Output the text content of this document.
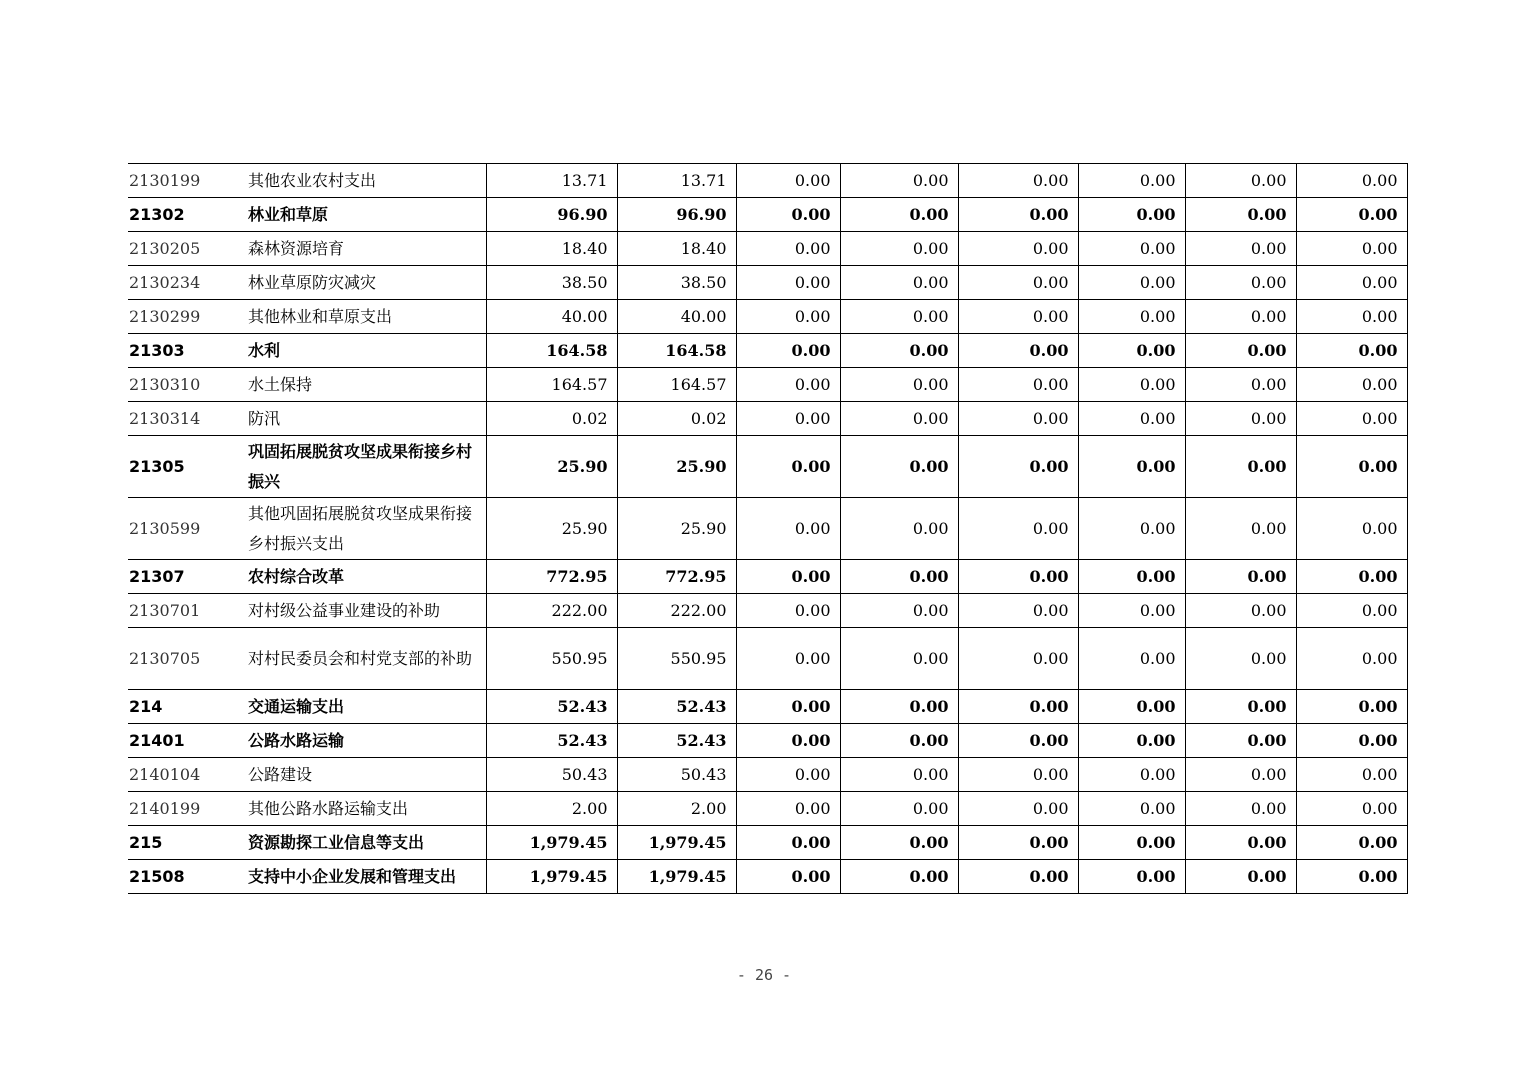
2130199	其他农业农村支出	13.71	13.71	0.00	0.00	0.00	0.00	0.00	0.00
21302	林业和草原	96.90	96.90	0.00	0.00	0.00	0.00	0.00	0.00
2130205	森林资源培育	18.40	18.40	0.00	0.00	0.00	0.00	0.00	0.00
2130234	林业草原防灾减灾	38.50	38.50	0.00	0.00	0.00	0.00	0.00	0.00
2130299	其他林业和草原支出	40.00	40.00	0.00	0.00	0.00	0.00	0.00	0.00
21303	水利	164.58	164.58	0.00	0.00	0.00	0.00	0.00	0.00
2130310	水土保持	164.57	164.57	0.00	0.00	0.00	0.00	0.00	0.00
2130314	防汛	0.02	0.02	0.00	0.00	0.00	0.00	0.00	0.00
21305	巩固拓展脱贫攻坚成果衔接乡村振兴	25.90	25.90	0.00	0.00	0.00	0.00	0.00	0.00
2130599	其他巩固拓展脱贫攻坚成果衔接乡村振兴支出	25.90	25.90	0.00	0.00	0.00	0.00	0.00	0.00
21307	农村综合改革	772.95	772.95	0.00	0.00	0.00	0.00	0.00	0.00
2130701	对村级公益事业建设的补助	222.00	222.00	0.00	0.00	0.00	0.00	0.00	0.00
2130705	对村民委员会和村党支部的补助	550.95	550.95	0.00	0.00	0.00	0.00	0.00	0.00
214	交通运输支出	52.43	52.43	0.00	0.00	0.00	0.00	0.00	0.00
21401	公路水路运输	52.43	52.43	0.00	0.00	0.00	0.00	0.00	0.00
2140104	公路建设	50.43	50.43	0.00	0.00	0.00	0.00	0.00	0.00
2140199	其他公路水路运输支出	2.00	2.00	0.00	0.00	0.00	0.00	0.00	0.00
215	资源勘探工业信息等支出	1,979.45	1,979.45	0.00	0.00	0.00	0.00	0.00	0.00
21508	支持中小企业发展和管理支出	1,979.45	1,979.45	0.00	0.00	0.00	0.00	0.00	0.00
- 26 -
